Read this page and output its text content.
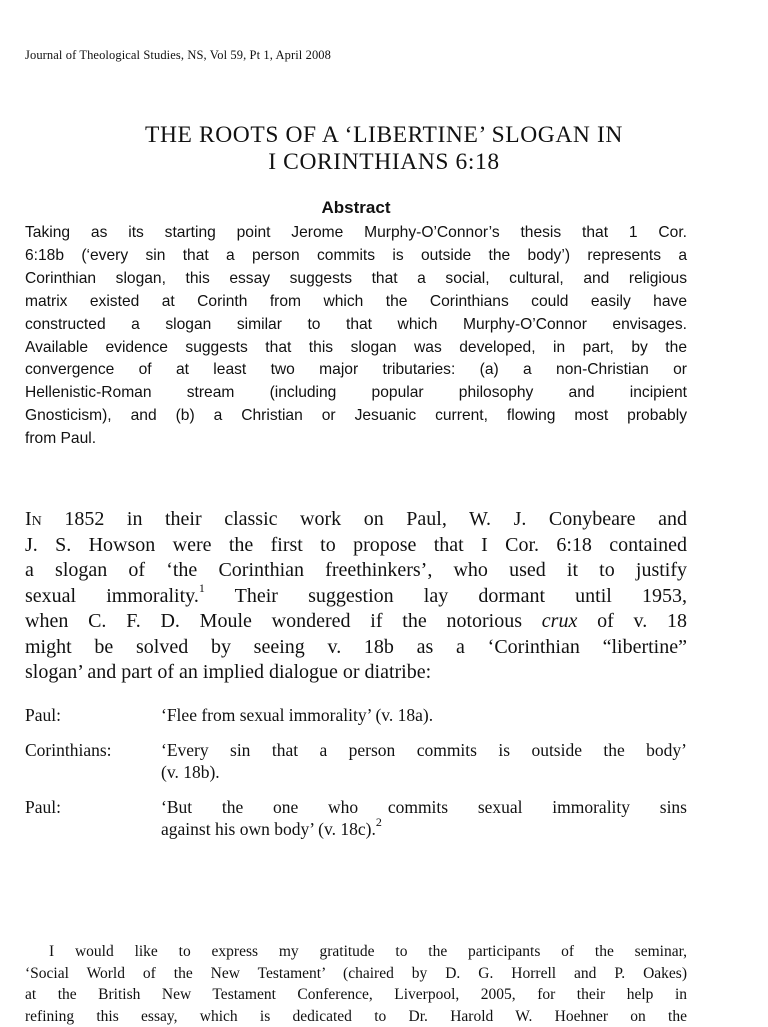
Journal of Theological Studies, NS, Vol 59, Pt 1, April 2008
THE ROOTS OF A ‘LIBERTINE’ SLOGAN IN
I CORINTHIANS 6:18
Abstract
Taking as its starting point Jerome Murphy-O’Connor’s thesis that 1 Cor.
6:18b (‘every sin that a person commits is outside the body’) represents a
Corinthian slogan, this essay suggests that a social, cultural, and religious
matrix existed at Corinth from which the Corinthians could easily have
constructed a slogan similar to that which Murphy-O’Connor envisages.
Available evidence suggests that this slogan was developed, in part, by the
convergence of at least two major tributaries: (a) a non-Christian or
Hellenistic-Roman stream (including popular philosophy and incipient
Gnosticism), and (b) a Christian or Jesuanic current, flowing most probably
from Paul.
In 1852 in their classic work on Paul, W. J. Conybeare and
J. S. Howson were the first to propose that I Cor. 6:18 contained
a slogan of ‘the Corinthian freethinkers’, who used it to justify
sexual immorality.$^1$ Their suggestion lay dormant until 1953,
when C. F. D. Moule wondered if the notorious crux of v. 18
might be solved by seeing v. 18b as a ‘Corinthian “libertine”
slogan’ and part of an implied dialogue or diatribe:
Paul:	‘Flee from sexual immorality’ (v. 18a).
Corinthians:	‘Every sin that a person commits is outside the body’
(v. 18b).
Paul:	‘But the one who commits sexual immorality sins
against his own body’ (v. 18c).$^2$
I would like to express my gratitude to the participants of the seminar,
‘Social World of the New Testament’ (chaired by D. G. Horrell and P. Oakes)
at the British New Testament Conference, Liverpool, 2005, for their help in
refining this essay, which is dedicated to Dr. Harold W. Hoehner on the
